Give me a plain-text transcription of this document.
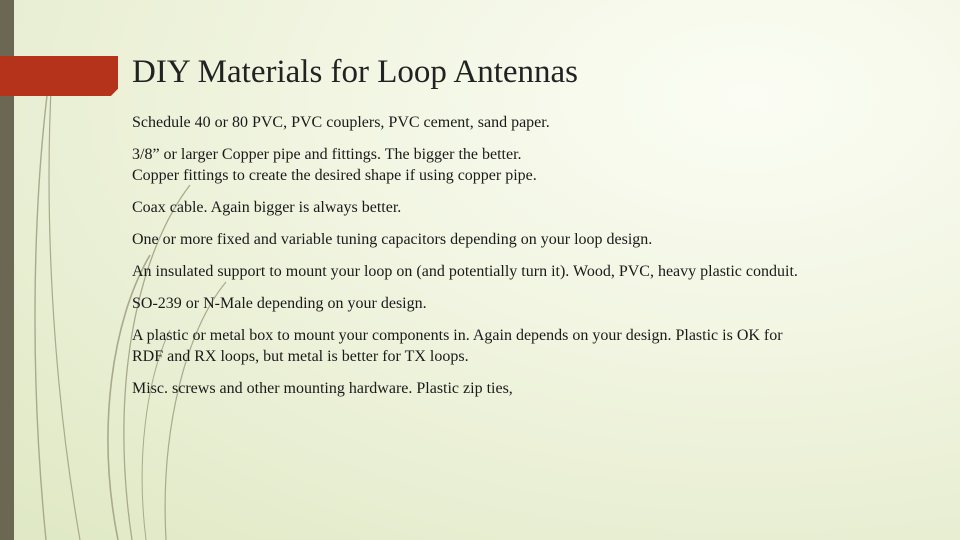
DIY Materials for Loop Antennas
Schedule 40 or 80 PVC, PVC couplers, PVC cement, sand paper.
3/8” or larger Copper pipe and fittings. The bigger the better.
Copper fittings to create the desired shape if using copper pipe.
Coax cable. Again bigger is always better.
One or more fixed and variable tuning capacitors depending on your loop design.
An insulated support to mount your loop on (and potentially turn it). Wood, PVC, heavy plastic conduit.
SO-239 or N-Male depending on your design.
A plastic or metal box to mount your components in. Again depends on your design. Plastic is OK for
RDF and RX loops, but metal is better for TX loops.
Misc. screws and other mounting hardware. Plastic zip ties,
